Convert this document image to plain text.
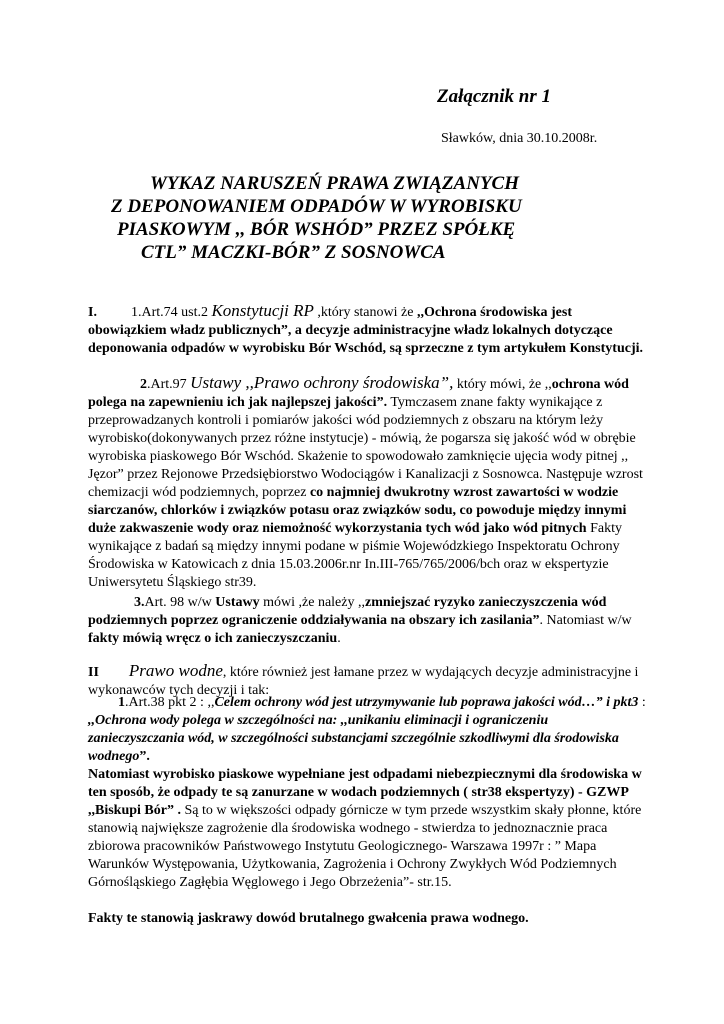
Załącznik nr 1
Sławków, dnia 30.10.2008r.
WYKAZ NARUSZEŃ PRAWA ZWIĄZANYCH
Z DEPONOWANIEM ODPADÓW W WYROBISKU
PIASKOWYM ,, BÓR WSHÓD” PRZEZ SPÓŁKĘ
CTL” MACZKI-BÓR” Z SOSNOWCA
I. 1.Art.74 ust.2 Konstytucji RP ,który stanowi że ,,Ochrona środowiska jest obowiązkiem władz publicznych”, a decyzje administracyjne władz lokalnych dotyczące deponowania odpadów w wyrobisku Bór Wschód, są sprzeczne z tym artykułem Konstytucji.
2.Art.97 Ustawy ,,Prawo ochrony środowiska”, który mówi, że ,,ochrona wód polega na zapewnieniu ich jak najlepszej jakości”. Tymczasem znane fakty wynikające z przeprowadzanych kontroli i pomiarów jakości wód podziemnych z obszaru na którym leży wyrobisko(dokonywanych przez różne instytucje) - mówią, że pogarsza się jakość wód w obrębie wyrobiska piaskowego Bór Wschód. Skażenie to spowodowało zamknięcie ujęcia wody pitnej ,, Jęzor” przez Rejonowe Przedsiębiorstwo Wodociągów i Kanalizacji z Sosnowca. Następuje wzrost chemizacji wód podziemnych, poprzez co najmniej dwukrotny wzrost zawartości w wodzie siarczanów, chlorków i związków potasu oraz związków sodu, co powoduje między innymi duże zakwaszenie wody oraz niemożność wykorzystania tych wód jako wód pitnych Fakty wynikające z badań są między innymi podane w piśmie Wojewódzkiego Inspektoratu Ochrony Środowiska w Katowicach z dnia 15.03.2006r.nr In.III-765/765/2006/bch oraz w ekspertyzie Uniwersytetu Śląskiego str39.
3.Art. 98 w/w Ustawy mówi ,że należy ,,zmniejszać ryzyko zanieczyszczenia wód podziemnych poprzez ograniczenie oddziaływania na obszary ich zasilania”. Natomiast w/w fakty mówią wręcz o ich zanieczyszczaniu.
II Prawo wodne, które również jest łamane przez w wydających decyzje administracyjne i wykonawców tych decyzji i tak:
1.Art.38 pkt 2 : ,,Celem ochrony wód jest utrzymywanie lub poprawa jakości wód…” i pkt3 : ,,Ochrona wody polega w szczególności na: ,,unikaniu eliminacji i ograniczeniu zanieczyszczania wód, w szczególności substancjami szczególnie szkodliwymi dla środowiska wodnego”.
Natomiast wyrobisko piaskowe wypełniane jest odpadami niebezpiecznymi dla środowiska w ten sposób, że odpady te są zanurzane w wodach podziemnych ( str38 ekspertyzy) - GZWP ,,Biskupi Bór” . Są to w większości odpady górnicze w tym przede wszystkim skały płonne, które stanowią największe zagrożenie dla środowiska wodnego - stwierdza to jednoznacznie praca zbiorowa pracowników Państwowego Instytutu Geologicznego- Warszawa 1997r : ” Mapa Warunków Występowania, Użytkowania, Zagrożenia i Ochrony Zwykłych Wód Podziemnych Górnośląskiego Zagłębia Węglowego i Jego Obrzeżenia”- str.15.
Fakty te stanowią jaskrawy dowód brutalnego gwałcenia prawa wodnego.
